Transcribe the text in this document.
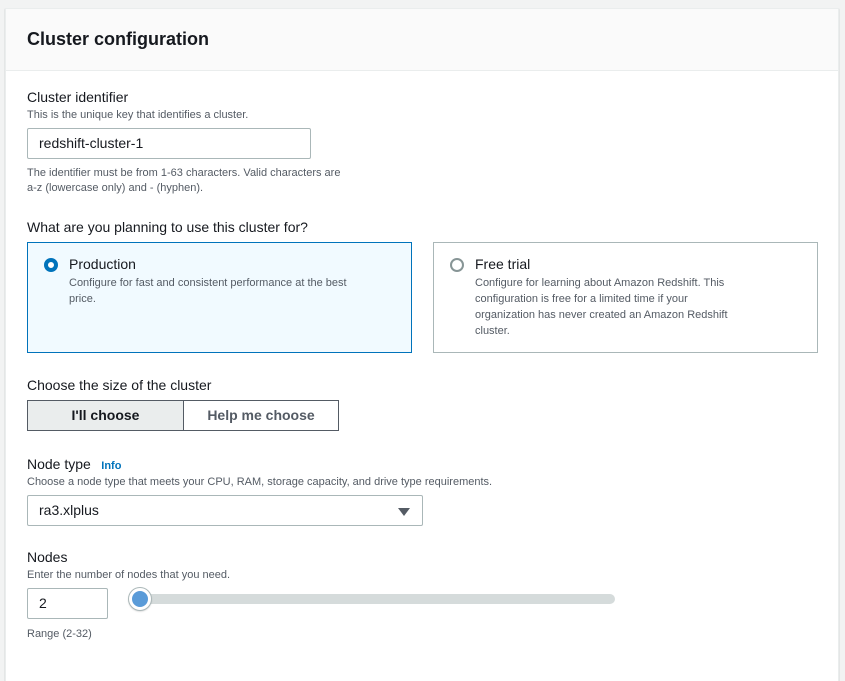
Cluster configuration
Cluster identifier
This is the unique key that identifies a cluster.
redshift-cluster-1
The identifier must be from 1-63 characters. Valid characters are
a-z (lowercase only) and - (hyphen).
What are you planning to use this cluster for?
Production
Configure for fast and consistent performance at the best
price.
Free trial
Configure for learning about Amazon Redshift. This
configuration is free for a limited time if your
organization has never created an Amazon Redshift
cluster.
Choose the size of the cluster
I'll choose	Help me choose
Node type Info
Choose a node type that meets your CPU, RAM, storage capacity, and drive type requirements.
ra3.xlplus
Nodes
Enter the number of nodes that you need.
2
Range (2-32)
